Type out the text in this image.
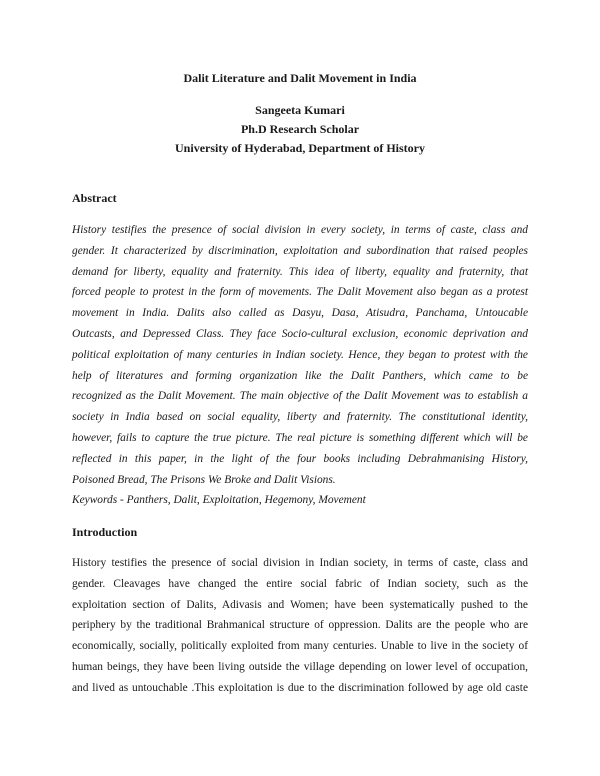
Dalit Literature and Dalit Movement in India
Sangeeta Kumari
Ph.D Research Scholar
University of Hyderabad, Department of History
Abstract
History testifies the presence of social division in every society, in terms of caste, class and
gender. It characterized by discrimination, exploitation and subordination that raised peoples
demand for liberty, equality and fraternity. This idea of liberty, equality and fraternity, that
forced people to protest in the form of movements. The Dalit Movement also began as a protest
movement in India. Dalits also called as Dasyu, Dasa, Atisudra, Panchama, Untoucable
Outcasts, and Depressed Class. They face Socio-cultural exclusion, economic deprivation and
political exploitation of many centuries in Indian society. Hence, they began to protest with the
help of literatures and forming organization like the Dalit Panthers, which came to be
recognized as the Dalit Movement. The main objective of the Dalit Movement was to establish a
society in India based on social equality, liberty and fraternity. The constitutional identity,
however, fails to capture the true picture. The real picture is something different which will be
reflected in this paper, in the light of the four books including Debrahmanising History,
Poisoned Bread, The Prisons We Broke and Dalit Visions.
Keywords - Panthers, Dalit, Exploitation, Hegemony, Movement
Introduction
History testifies the presence of social division in Indian society, in terms of caste, class and
gender. Cleavages have changed the entire social fabric of Indian society, such as the
exploitation section of Dalits, Adivasis and Women; have been systematically pushed to the
periphery by the traditional Brahmanical structure of oppression. Dalits are the people who are
economically, socially, politically exploited from many centuries. Unable to live in the society of
human beings, they have been living outside the village depending on lower level of occupation,
and lived as untouchable .This exploitation is due to the discrimination followed by age old caste
